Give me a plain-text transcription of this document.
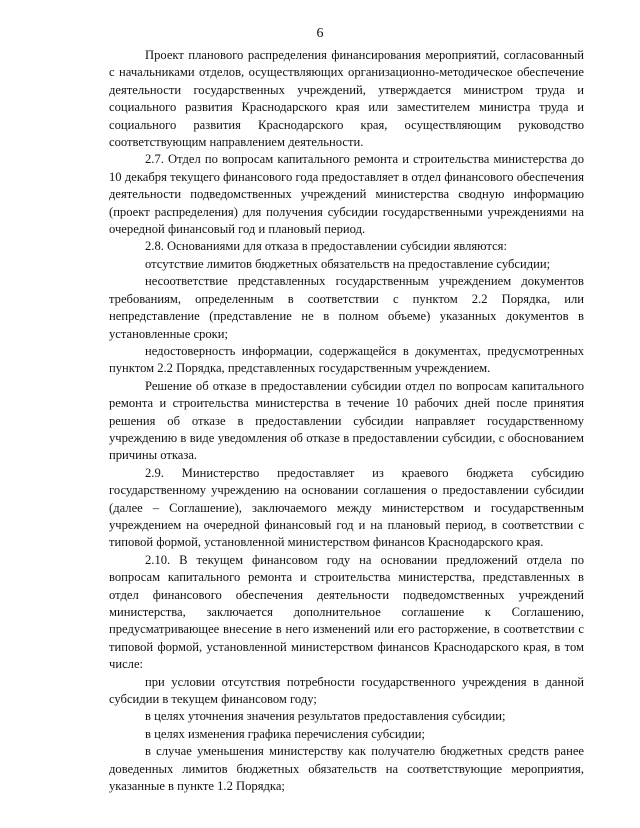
6

Проект планового распределения финансирования мероприятий, согласованный с начальниками отделов, осуществляющих организационно-методическое обеспечение деятельности государственных учреждений, утверждается министром труда и социального развития Краснодарского края или заместителем министра труда и социального развития Краснодарского края, осуществляющим руководство соответствующим направлением деятельности.

2.7. Отдел по вопросам капитального ремонта и строительства министерства до 10 декабря текущего финансового года предоставляет в отдел финансового обеспечения деятельности подведомственных учреждений министерства сводную информацию (проект распределения) для получения субсидии государственными учреждениями на очередной финансовый год и плановый период.

2.8. Основаниями для отказа в предоставлении субсидии являются:

отсутствие лимитов бюджетных обязательств на предоставление субсидии;

несоответствие представленных государственным учреждением документов требованиям, определенным в соответствии с пунктом 2.2 Порядка, или непредставление (представление не в полном объеме) указанных документов в установленные сроки;

недостоверность информации, содержащейся в документах, предусмотренных пунктом 2.2 Порядка, представленных государственным учреждением.

Решение об отказе в предоставлении субсидии отдел по вопросам капитального ремонта и строительства министерства в течение 10 рабочих дней после принятия решения об отказе в предоставлении субсидии направляет государственному учреждению в виде уведомления об отказе в предоставлении субсидии, с обоснованием причины отказа.

2.9. Министерство предоставляет из краевого бюджета субсидию государственному учреждению на основании соглашения о предоставлении субсидии (далее – Соглашение), заключаемого между министерством и государственным учреждением на очередной финансовый год и на плановый период, в соответствии с типовой формой, установленной министерством финансов Краснодарского края.

2.10. В текущем финансовом году на основании предложений отдела по вопросам капитального ремонта и строительства министерства, представленных в отдел финансового обеспечения деятельности подведомственных учреждений министерства, заключается дополнительное соглашение к Соглашению, предусматривающее внесение в него изменений или его расторжение, в соответствии с типовой формой, установленной министерством финансов Краснодарского края, в том числе:

при условии отсутствия потребности государственного учреждения в данной субсидии в текущем финансовом году;

в целях уточнения значения результатов предоставления субсидии;

в целях изменения графика перечисления субсидии;

в случае уменьшения министерству как получателю бюджетных средств ранее доведенных лимитов бюджетных обязательств на соответствующие мероприятия, указанные в пункте 1.2 Порядка;
